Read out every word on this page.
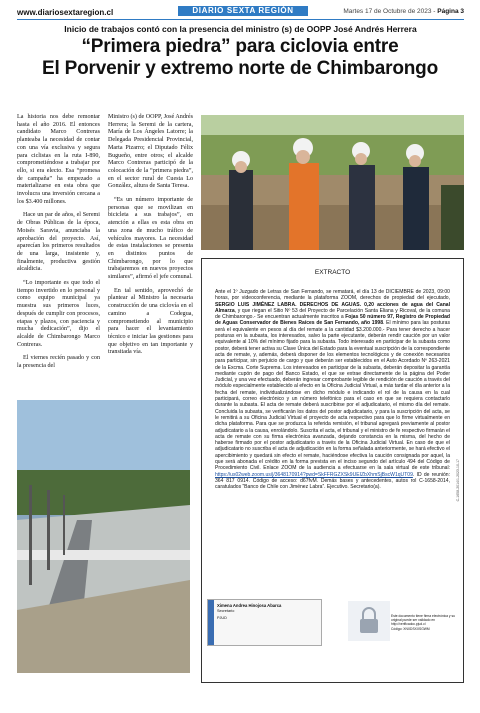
www.diariosextaregion.cl	DIARIO SEXTA REGIÓN	Martes 17 de Octubre de 2023 - Página 3
Inicio de trabajos contó con la presencia del ministro (s) de OOPP José Andrés Herrera
“Primera piedra” para ciclovia entre
El Porvenir y extremo norte de Chimbarongo

La historia nos debe remontar hasta el año 2016. El entonces candidato Marco Contreras planteaba la necesidad de contar con una vía exclusiva y segura para ciclistas en la ruta I-890, comprometiéndose a trabajar por ello, si era electo. Esa “promesa de campaña” ha empezado a materializarse en esta obra que involucra una inversión cercana a los $3.400 millones.

Hace un par de años, el Seremi de Obras Públicas de la época, Moisés Saravia, anunciaba la aprobación del proyecto. Así, aparecían los primeros resultados de una larga, insistente y, finalmente, productiva gestión alcaldicia.

“Lo importante es que todo el tiempo invertido en lo personal y como equipo municipal ya muestra sus primeros luces, después de cumplir con procesos, etapas y plazos, con paciencia y mucha dedicación”, dijo el alcalde de Chimbarongo Marco Contreras.

El viernes recién pasado y con la presencia del

Ministro (s) de OOPP, José Andrés Herrera; la Seremi de la cartera, María de Los Ángeles Latorre; la Delegada Presidencial Provincial, Marta Pizarro; el Diputado Félix Bugueño, entre otros; el alcalde Marco Contreras participó de la colocación de la “primera piedra”, en el sector rural de Cuesta Lo González, altura de Santa Teresa.

“Es un número importante de personas que se movilizan en bicicleta a sus trabajos”, en atención a ellas es esta obra en una zona de mucho tráfico de vehículos mayores. La necesidad de estas instalaciones se presenta en distintos puntos de Chimbarongo, por lo que trabajaremos en nuevos proyectos similares”, afirmó el jefe comunal.

En tal sentido, aprovechó de plantear al Ministro la necesaria construcción de una ciclovía en el camino a Codegua, comprometiendo al municipio para hacer el levantamiento técnico e iniciar las gestiones para que objetivo en tan importante y transitada vía.

EXTRACTO
Ante el 1º Juzgado de Letras de San Fernando, se rematará, el día 13 de DICIEMBRE de 2023, 09:00 horas, por videoconferencia, mediante la plataforma ZOOM, derechos de propiedad del ejecutado, SERGIO LUIS JIMÉNEZ LABRA. DERECHOS DE AGUAS. 0,20 acciones de agua del Canal Almarza, y que riegan el Sitio Nº 53 del Proyecto de Parcelación Santa Eliana y Ricoval, de la comuna de Chimbarongo.- Se encuentran actualmente inscritos a Fojas 50 número 97, Registro de Propiedad de Aguas Conservador de Bienes Raíces de San Fernando, año 1998. El mínimo para las posturas será el equivalente en pesos al día del remate a la cantidad $3.200.000.- Para tener derecho a hacer posturas en la subasta, los interesados, salvo la parte ejecutante, deberán rendir caución por un valor equivalente al 10% del mínimo fijado para la subasta. Todo interesado en participar de la subasta como postor, deberá tener activa su Clave Única del Estado para la eventual suscripción de la correspondiente acta de remate, y, además, deberá disponer de los elementos tecnológicos y de conexión necesarios para participar, sin perjuicio de cargo y que deberán ser establecidos en el Auto Acordado Nº 263-2021 de la Excma. Corte Suprema. Los interesados en participar de la subasta, deberán depositar la garantía mediante cupón de pago del Banco Estado, el que se extrae directamente de la página del Poder Judicial, y una vez efectuado, deberán ingresar comprobante legible de rendición de caución a través del módulo especialmente establecido al efecto en la Oficina Judicial Virtual, a más tardar el día anterior a la fecha del remate, individualizándose en dicho módulo e indicando el rol de la causa en la cual participará, correo electrónico y un número telefónico para el caso en que se requiera contactarlo durante la subasta. El acta de remate deberá suscribirse por el adjudicatario, el mismo día del remate. Concluida la subasta, se verificarán los datos del postor adjudicatario, y para la suscripción del acta, se le remitirá a su Oficina Judicial Virtual el proyecto de acta respectivo para que lo firme virtualmente en dicha plataforma. Para que se produzca la referida remisión, el tribunal agregará previamente al postor adjudicatario a la causa, enrolándolo. Suscrita el acta, el tribunal y el ministro de fe respectivo firmarán el acta de remate con su firma electrónica avanzada, dejando constancia en la misma, del hecho de haberse firmado por el postor adjudicatario a través de la Oficina Judicial Virtual. En caso de que el adjudicatario no suscriba el acta de adjudicación en la forma señalada anteriormente, se hará efectivo el apercibimiento y quedará sin efecto el remate, haciéndose efectiva la caución consignada por aquel, la que será abonada el crédito en la forma prevista en el inciso segundo del artículo 494 del Código de Procedimiento Civil. Enlace ZOOM de la audiencia a efectuarse en la sala virtual de este tribunal: https://us02web.zoom.us/j/3648170914?pwd=SkFFRGZXSk9UEIZbXhmSjBscW1qUT09. ID de reunión: 364 817 0914. Código de acceso: d67fvM. Demás bases y antecedentes, autos rol C-1658-2014, caratulados “Banco de Chile con Jiménez Labra”. Ejecutivo. Secretario(a).	C-1658-2014/1-2023-10-17
Ximena Andrea Hinojosa Abarca
Secretario
PJUD	Este documento tiene firma electrónica y su original puede ser validado en http://verificadoc.pjud.cl
Código: XNXDSXXSGWM
